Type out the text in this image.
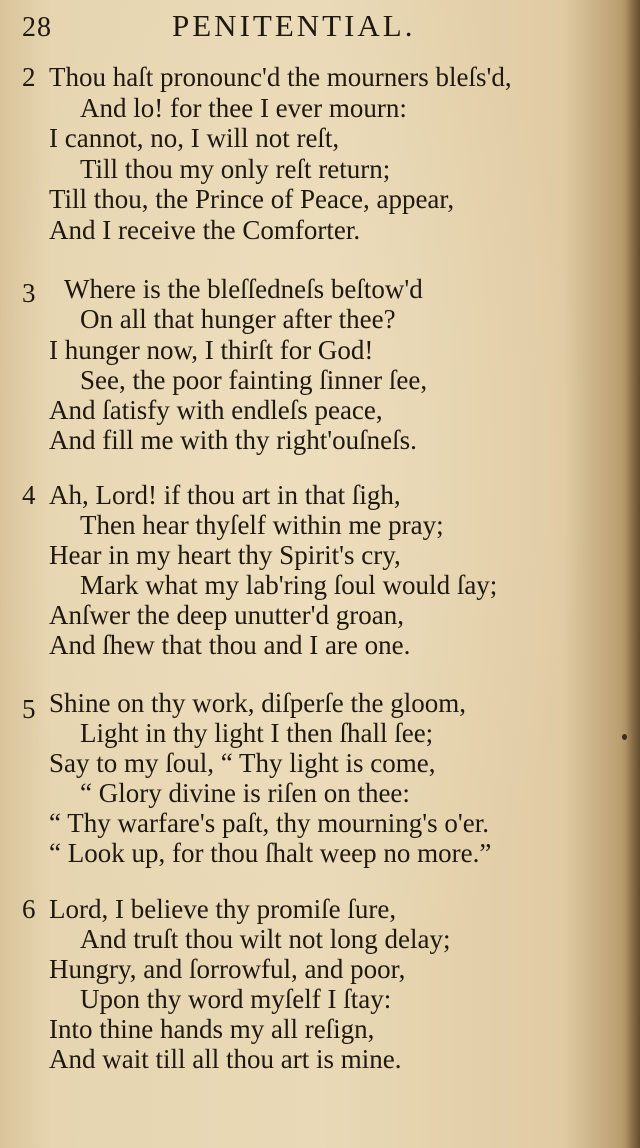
28	PENITENTIAL.
2 Thou haſt pronounc'd the mourners bleſs'd,
And lo! for thee I ever mourn:
I cannot, no, I will not reſt,
Till thou my only reſt return;
Till thou, the Prince of Peace, appear,
And I receive the Comforter.
3 Where is the bleſſedneſs beſtow'd
On all that hunger after thee?
I hunger now, I thirſt for God!
See, the poor fainting ſinner ſee,
And ſatisfy with endleſs peace,
And fill me with thy right'ouſneſs.
4 Ah, Lord! if thou art in that ſigh,
Then hear thyſelf within me pray;
Hear in my heart thy Spirit's cry,
Mark what my lab'ring ſoul would ſay;
Anſwer the deep unutter'd groan,
And ſhew that thou and I are one.
5 Shine on thy work, diſperſe the gloom,
Light in thy light I then ſhall ſee;
Say to my ſoul, “ Thy light is come,
“ Glory divine is riſen on thee:
“ Thy warfare's paſt, thy mourning's o'er.
“ Look up, for thou ſhalt weep no more.”
6 Lord, I believe thy promiſe ſure,
And truſt thou wilt not long delay;
Hungry, and ſorrowful, and poor,
Upon thy word myſelf I ſtay:
Into thine hands my all reſign,
And wait till all thou art is mine.
